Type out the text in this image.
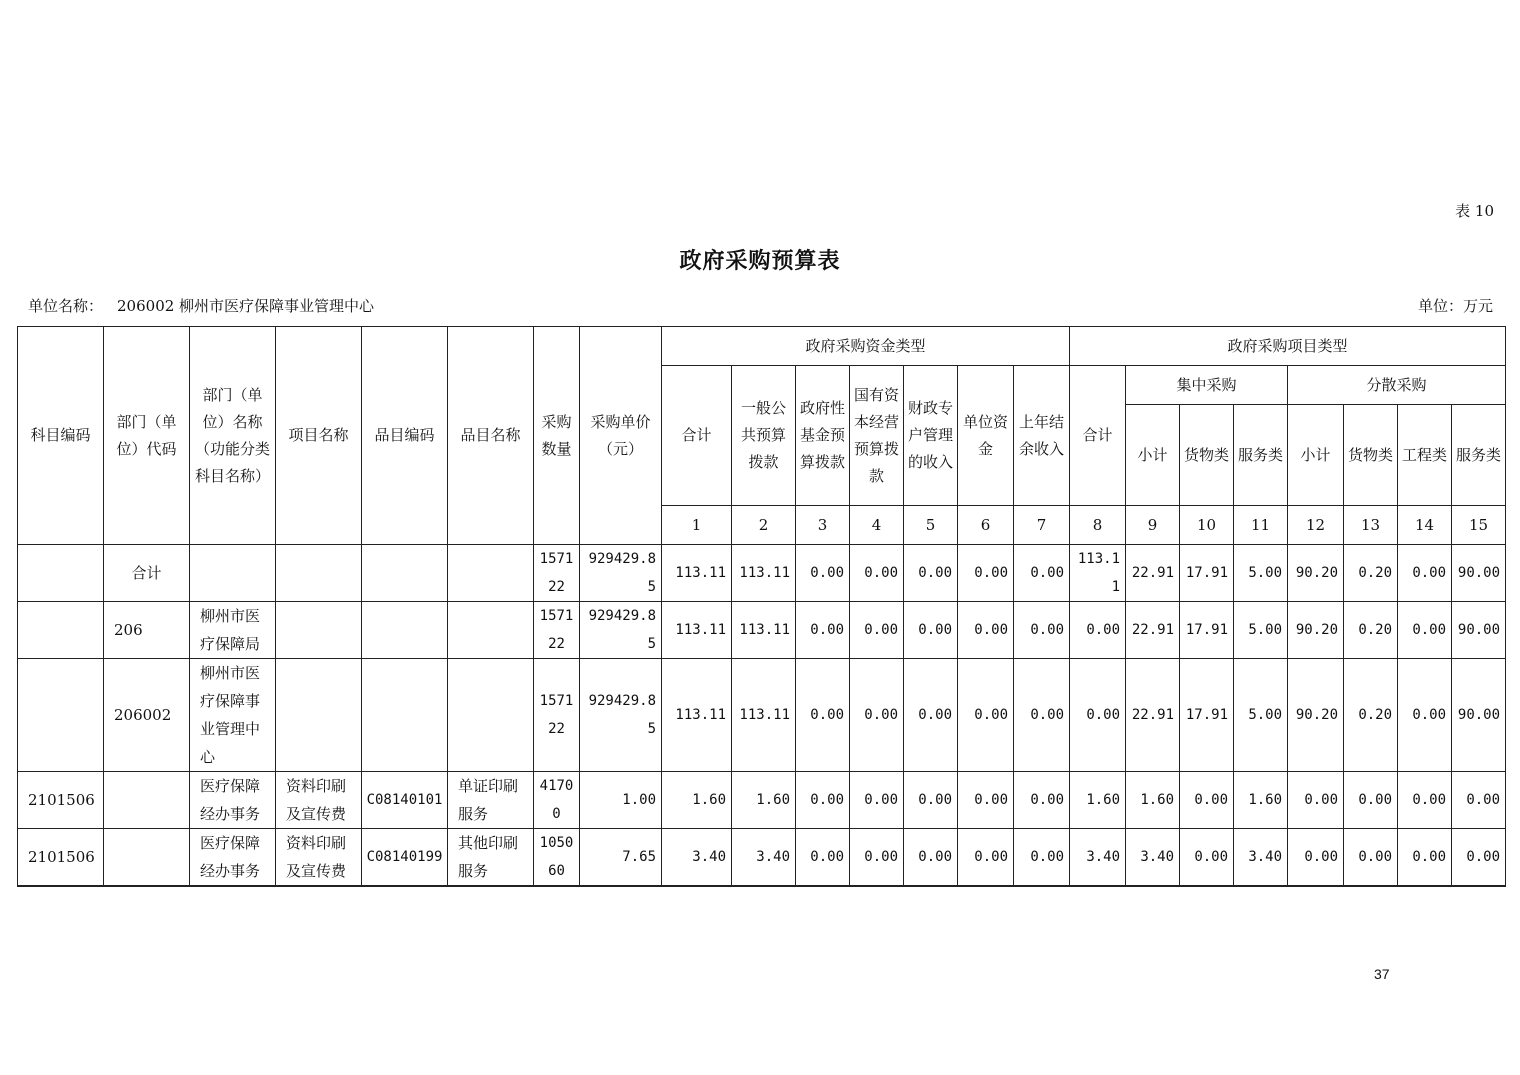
表 10
政府采购预算表
单位名称： 206002 柳州市医疗保障事业管理中心	单位：万元
科目编码	部门（单位）代码	部门（单位）名称（功能分类科目名称）	项目名称	品目编码	品目名称	采购数量	采购单价（元）	政府采购资金类型							政府采购项目类型							
								合计	一般公共预算拨款	政府性基金预算拨款	国有资本经营预算拨款	财政专户管理的收入	单位资金	上年结余收入	合计	集中采购			分散采购			
																小计	货物类	服务类	小计	货物类	工程类	服务类
								1	2	3	4	5	6	7	8	9	10	11	12	13	14	15
	合计					157122	929429.85	113.11	113.11	0.00	0.00	0.00	0.00	0.00	113.11	22.91	17.91	5.00	90.20	0.20	0.00	90.00
	206	柳州市医疗保障局				157122	929429.85	113.11	113.11	0.00	0.00	0.00	0.00	0.00	0.00	22.91	17.91	5.00	90.20	0.20	0.00	90.00
	206002	柳州市医疗保障事业管理中心				157122	929429.85	113.11	113.11	0.00	0.00	0.00	0.00	0.00	0.00	22.91	17.91	5.00	90.20	0.20	0.00	90.00
2101506		医疗保障经办事务	资料印刷及宣传费	C08140101	单证印刷服务	41700	1.00	1.60	1.60	0.00	0.00	0.00	0.00	0.00	1.60	1.60	0.00	1.60	0.00	0.00	0.00	0.00
2101506		医疗保障经办事务	资料印刷及宣传费	C08140199	其他印刷服务	105060	7.65	3.40	3.40	0.00	0.00	0.00	0.00	0.00	3.40	3.40	0.00	3.40	0.00	0.00	0.00	0.00
37
